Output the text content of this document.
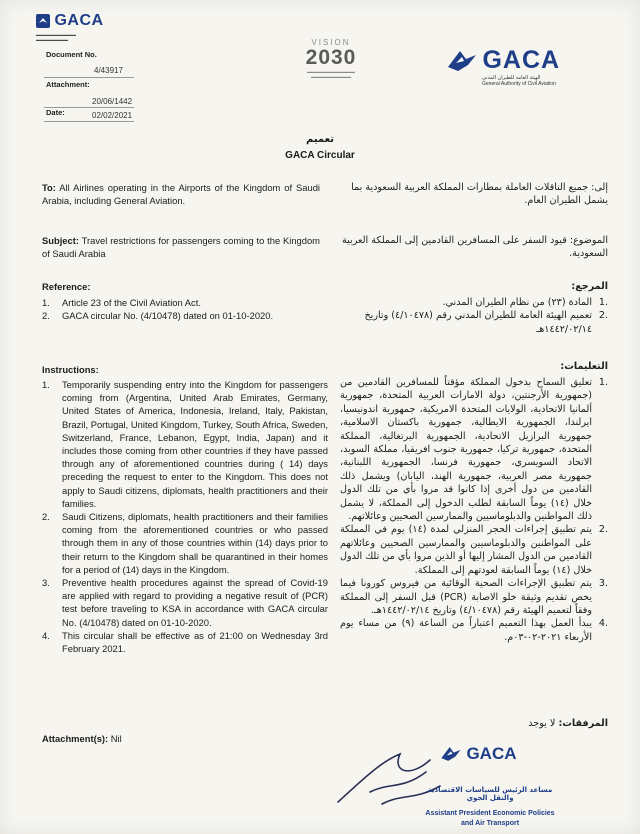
GACA
▬▬▬▬▬▬▬▬▬▬
▬▬▬▬▬▬▬▬
Document No.
4/43917
Attachment:
20/06/1442
Date:	02/02/2021
VISION
2030
▬▬▬▬▬▬▬▬▬▬▬▬
▬▬▬▬▬▬▬▬▬▬
GACA
الهيئة العامة للطيران المدني
General Authority of Civil Aviation
تعميم
GACA Circular
To: All Airlines operating in the Airports of the Kingdom of Saudi Arabia, including General Aviation.
إلى: جميع الناقلات العاملة بمطارات المملكة العربية السعودية بما يشمل الطيران العام.
Subject: Travel restrictions for passengers coming to the Kingdom of Saudi Arabia
الموضوع: قيود السفر على المسافرين القادمين إلى المملكة العربية السعودية.
Reference:
1. Article 23 of the Civil Aviation Act.
2. GACA circular No. (4/10478) dated on 01-10-2020.
المرجع:
.1
المادة (٢٣) من نظام الطيران المدني.
.2
تعميم الهيئة العامة للطيران المدني رقم (٤/١٠٤٧٨) وتاريخ ١٤٤٢/٠٢/١٤هـ
Instructions:
1. Temporarily suspending entry into the Kingdom for passengers coming from (Argentina, United Arab Emirates, Germany, United States of America, Indonesia, Ireland, Italy, Pakistan, Brazil, Portugal, United Kingdom, Turkey, South Africa, Sweden, Switzerland, France, Lebanon, Egypt, India, Japan) and it includes those coming from other countries if they have passed through any of aforementioned countries during ( 14) days preceding the request to enter to the Kingdom. This does not apply to Saudi citizens, diplomats, health practitioners and their families.
2. Saudi Citizens, diplomats, health practitioners and their families coming from the aforementioned countries or who passed through them in any of those countries within (14) days prior to their return to the Kingdom shall be quarantined in their homes for a period of (14) days in the Kingdom.
3. Preventive health procedures against the spread of Covid-19 are applied with regard to providing a negative result of (PCR) test before traveling to KSA in accordance with GACA circular No. (4/10478) dated on 01-10-2020.
4. This circular shall be effective as of 21:00 on Wednesday 3rd February 2021.
التعليمات:
.1
تعليق السماح بدخول المملكة مؤقتاً للمسافرين القادمين من (جمهورية الأرجنتين، دولة الامارات العربية المتحدة، جمهورية ألمانيا الاتحادية، الولايات المتحدة الامريكية، جمهورية اندونيسيا، ايرلندا، الجمهورية الايطالية، جمهورية باكستان الاسلامية، جمهورية البرازيل الاتحادية، الجمهورية البرتغالية، المملكة المتحدة، جمهورية تركيا، جمهورية جنوب افريقيا، مملكة السويد، الاتحاد السويسري، جمهورية فرنسا، الجمهورية اللبنانية، جمهورية مصر العربية، جمهورية الهند، اليابان) ويشمل ذلك القادمين من دول أخرى إذا كانوا قد مروا بأي من تلك الدول خلال (١٤) يوماً السابقة لطلب الدخول إلى المملكة، لا يشمل ذلك المواطنين والدبلوماسيين والممارسين الصحيين وعائلاتهم.
.2
يتم تطبيق إجراءات الحجر المنزلي لمدة (١٤) يوم في المملكة على المواطنين والدبلوماسيين والممارسين الصحيين وعائلاتهم القادمين من الدول المشار إليها أو الذين مروا بأي من تلك الدول خلال (١٤) يوماً السابقة لعودتهم إلى المملكة.
.3
يتم تطبيق الإجراءات الصحية الوقائية من فيروس كورونا فيما يخص تقديم وثيقة خلو الاصابة (PCR) قبل السفر إلى المملكة وفقاً لتعميم الهيئة رقم (٤/١٠٤٧٨) وتاريخ ١٤٤٢/٠٢/١٤هـ.
.4
يبدأ العمل بهذا التعميم اعتباراً من الساعة (٩) من مساء يوم الأربعاء ٢٠٢١-٠٢-٠٣م.
Attachment(s): Nil
المرفقات: لا يوجد
GACA
مساعد الرئيس للسياسات الاقتصادية والنقل الجوي
Assistant President Economic Policies
and Air Transport
